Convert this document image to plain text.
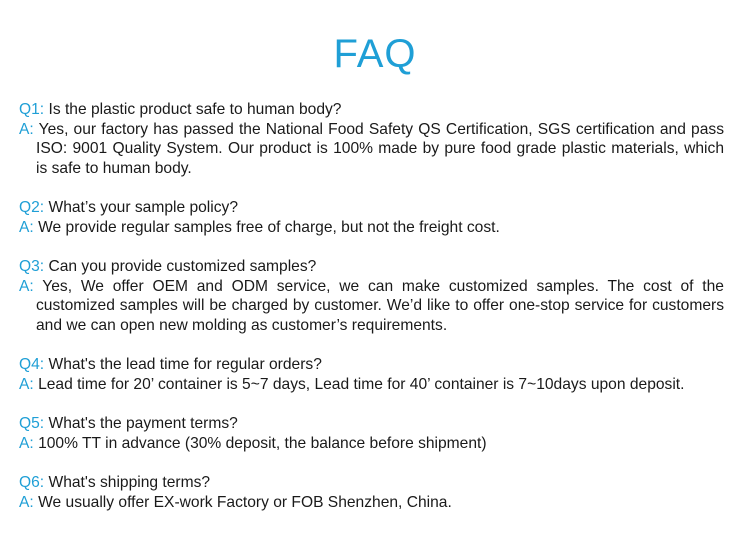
FAQ
Q1: Is the plastic product safe to human body?
A: Yes, our factory has passed the National Food Safety QS Certification, SGS certification and pass ISO: 9001 Quality System. Our product is 100% made by pure food grade plastic materials, which is safe to human body.
Q2: What’s your sample policy?
A: We provide regular samples free of charge, but not the freight cost.
Q3: Can you provide customized samples?
A: Yes, We offer OEM and ODM service, we can make customized samples. The cost of the customized samples will be charged by customer. We’d like to offer one-stop service for customers and we can open new molding as customer’s requirements.
Q4: What's the lead time for regular orders?
A: Lead time for 20’ container is 5~7 days, Lead time for 40’ container is 7~10days upon deposit.
Q5: What's the payment terms?
A: 100% TT in advance (30% deposit, the balance before shipment)
Q6: What's shipping terms?
A: We usually offer EX-work Factory or FOB Shenzhen, China.
